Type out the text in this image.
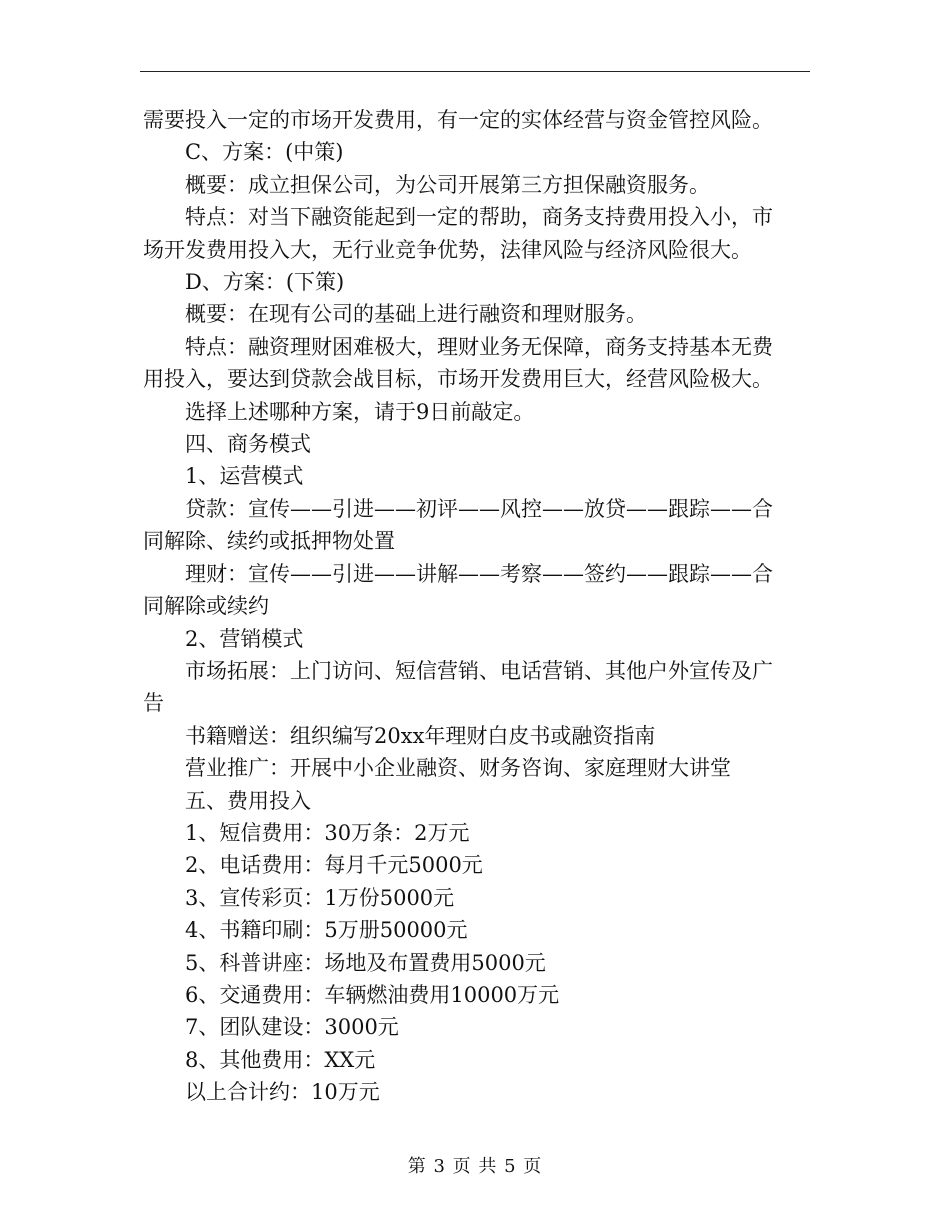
需要投入一定的市场开发费用，有一定的实体经营与资金管控风险。

C、方案：(中策)

概要：成立担保公司，为公司开展第三方担保融资服务。

特点：对当下融资能起到一定的帮助，商务支持费用投入小，市

场开发费用投入大，无行业竞争优势，法律风险与经济风险很大。

D、方案：(下策)

概要：在现有公司的基础上进行融资和理财服务。

特点：融资理财困难极大，理财业务无保障，商务支持基本无费

用投入，要达到贷款会战目标，市场开发费用巨大，经营风险极大。

选择上述哪种方案，请于9日前敲定。

四、商务模式

1、运营模式

贷款：宣传——引进——初评——风控——放贷——跟踪——合

同解除、续约或抵押物处置

理财：宣传——引进——讲解——考察——签约——跟踪——合

同解除或续约

2、营销模式

市场拓展：上门访问、短信营销、电话营销、其他户外宣传及广

告

书籍赠送：组织编写20xx年理财白皮书或融资指南

营业推广：开展中小企业融资、财务咨询、家庭理财大讲堂

五、费用投入

1、短信费用：30万条：2万元

2、电话费用：每月千元5000元

3、宣传彩页：1万份5000元

4、书籍印刷：5万册50000元

5、科普讲座：场地及布置费用5000元

6、交通费用：车辆燃油费用10000万元

7、团队建设：3000元

8、其他费用：XX元

以上合计约：10万元

第 3 页 共 5 页
